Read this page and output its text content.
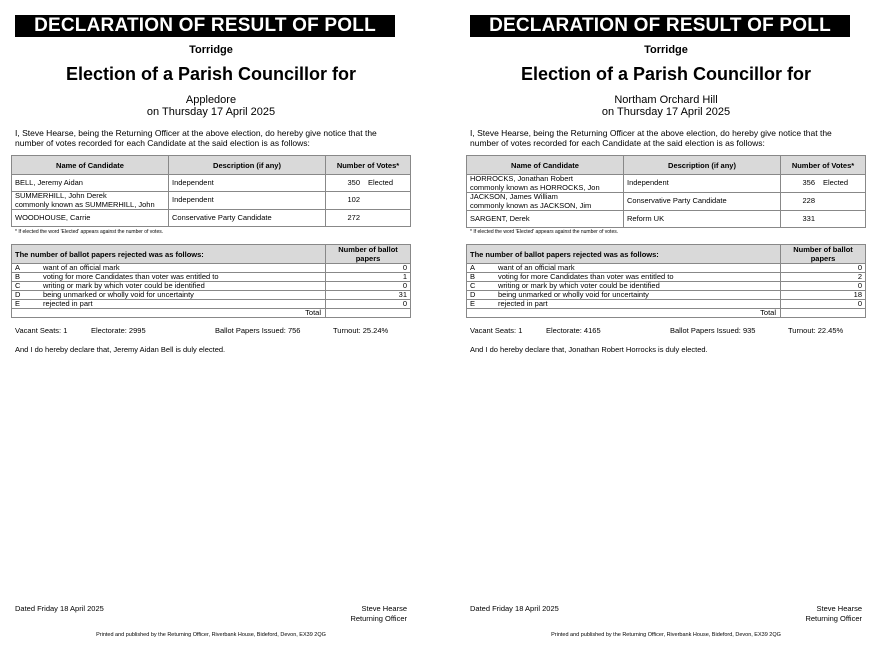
DECLARATION OF RESULT OF POLL
Torridge
Election of a Parish Councillor for
Appledore
on Thursday 17 April 2025
I, Steve Hearse, being the Returning Officer at the above election, do hereby give notice that the number of votes recorded for each Candidate at the said election is as follows:
Name of Candidate	Description (if any)	Number of Votes*

BELL, Jeremy Aidan	Independent	350 Elected

SUMMERHILL, John Derek
commonly known as SUMMERHILL, John	Independent	102

WOODHOUSE, Carrie	Conservative Party Candidate	272
* If elected the word 'Elected' appears against the number of votes.
The number of ballot papers rejected was as follows:	Number of ballot papers
A want of an official mark	0
B voting for more Candidates than voter was entitled to	1
C writing or mark by which voter could be identified	0
D being unmarked or wholly void for uncertainty	31
E rejected in part	0
Total	
Vacant Seats: 1	Electorate: 2995	Ballot Papers Issued: 756	Turnout: 25.24%
And I do hereby declare that, Jeremy Aidan Bell is duly elected.
Dated Friday 18 April 2025	Steve Hearse
Returning Officer
Printed and published by the Returning Officer, Riverbank House, Bideford, Devon, EX39 2QG
DECLARATION OF RESULT OF POLL
Torridge
Election of a Parish Councillor for
Northam Orchard Hill
on Thursday 17 April 2025
I, Steve Hearse, being the Returning Officer at the above election, do hereby give notice that the number of votes recorded for each Candidate at the said election is as follows:
Name of Candidate	Description (if any)	Number of Votes*

HORROCKS, Jonathan Robert
commonly known as HORROCKS, Jon	Independent	356 Elected

JACKSON, James William
commonly known as JACKSON, Jim	Conservative Party Candidate	228

SARGENT, Derek	Reform UK	331
* If elected the word 'Elected' appears against the number of votes.
The number of ballot papers rejected was as follows:	Number of ballot papers
A want of an official mark	0
B voting for more Candidates than voter was entitled to	2
C writing or mark by which voter could be identified	0
D being unmarked or wholly void for uncertainty	18
E rejected in part	0
Total	
Vacant Seats: 1	Electorate: 4165	Ballot Papers Issued: 935	Turnout: 22.45%
And I do hereby declare that, Jonathan Robert Horrocks is duly elected.
Dated Friday 18 April 2025	Steve Hearse
Returning Officer
Printed and published by the Returning Officer, Riverbank House, Bideford, Devon, EX39 2QG
